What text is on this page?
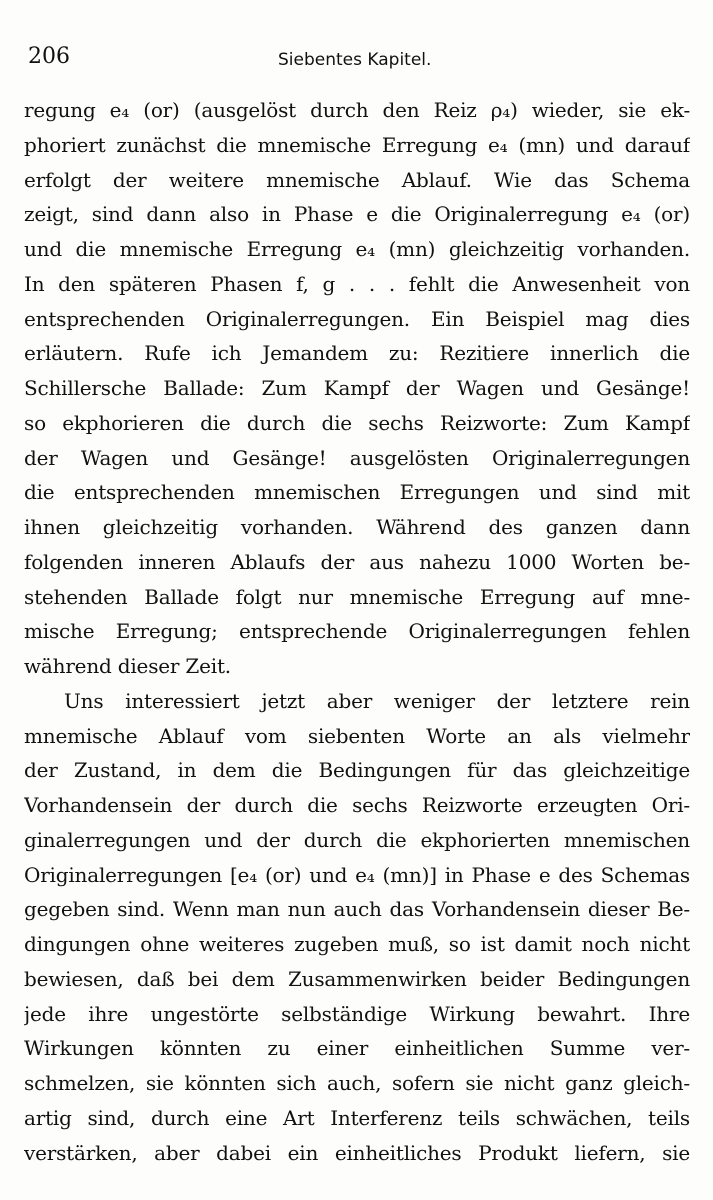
206	Siebentes Kapitel.
regung e₄ (or) (ausgelöst durch den Reiz ρ₄) wieder, sie ek-
phoriert zunächst die mnemische Erregung e₄ (mn) und darauf
erfolgt der weitere mnemische Ablauf. Wie das Schema
zeigt, sind dann also in Phase e die Originalerregung e₄ (or)
und die mnemische Erregung e₄ (mn) gleichzeitig vorhanden.
In den späteren Phasen f, g . . . fehlt die Anwesenheit von
entsprechenden Originalerregungen. Ein Beispiel mag dies
erläutern. Rufe ich Jemandem zu: Rezitiere innerlich die
Schillersche Ballade: Zum Kampf der Wagen und Gesänge!
so ekphorieren die durch die sechs Reizworte: Zum Kampf
der Wagen und Gesänge! ausgelösten Originalerregungen
die entsprechenden mnemischen Erregungen und sind mit
ihnen gleichzeitig vorhanden. Während des ganzen dann
folgenden inneren Ablaufs der aus nahezu 1000 Worten be-
stehenden Ballade folgt nur mnemische Erregung auf mne-
mische Erregung; entsprechende Originalerregungen fehlen
während dieser Zeit.
Uns interessiert jetzt aber weniger der letztere rein
mnemische Ablauf vom siebenten Worte an als vielmehr
der Zustand, in dem die Bedingungen für das gleichzeitige
Vorhandensein der durch die sechs Reizworte erzeugten Ori-
ginalerregungen und der durch die ekphorierten mnemischen
Originalerregungen [e₄ (or) und e₄ (mn)] in Phase e des Schemas
gegeben sind. Wenn man nun auch das Vorhandensein dieser Be-
dingungen ohne weiteres zugeben muß, so ist damit noch nicht
bewiesen, daß bei dem Zusammenwirken beider Bedingungen
jede ihre ungestörte selbständige Wirkung bewahrt. Ihre
Wirkungen könnten zu einer einheitlichen Summe ver-
schmelzen, sie könnten sich auch, sofern sie nicht ganz gleich-
artig sind, durch eine Art Interferenz teils schwächen, teils
verstärken, aber dabei ein einheitliches Produkt liefern, sie
